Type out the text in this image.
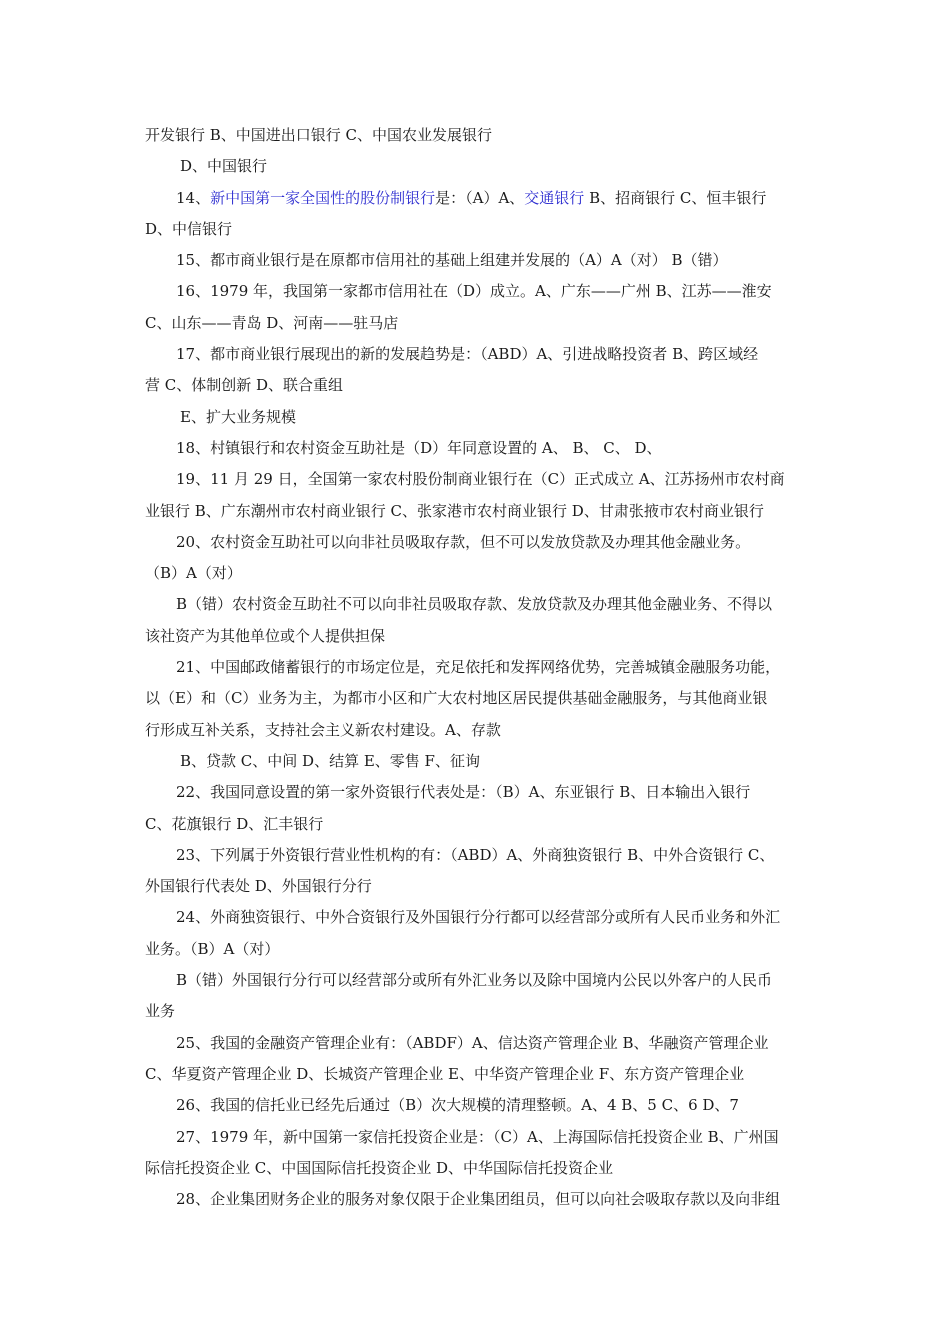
开发银行 B、中国进出口银行 C、中国农业发展银行
D、中国银行
14、新中国第一家全国性的股份制银行是：（A）A、交通银行 B、招商银行 C、恒丰银行
D、中信银行
15、都市商业银行是在原都市信用社的基础上组建并发展的（A）A（对） B（错）
16、1979 年，我国第一家都市信用社在（D）成立。A、广东——广州 B、江苏——淮安
C、山东——青岛 D、河南——驻马店
17、都市商业银行展现出的新的发展趋势是：（ABD）A、引进战略投资者 B、跨区域经
营 C、体制创新 D、联合重组
E、扩大业务规模
18、村镇银行和农村资金互助社是（D）年同意设置的 A、 B、 C、 D、
19、11 月 29 日，全国第一家农村股份制商业银行在（C）正式成立 A、江苏扬州市农村商
业银行 B、广东潮州市农村商业银行 C、张家港市农村商业银行 D、甘肃张掖市农村商业银行
20、农村资金互助社可以向非社员吸取存款，但不可以发放贷款及办理其他金融业务。
（B）A（对）
B（错）农村资金互助社不可以向非社员吸取存款、发放贷款及办理其他金融业务、不得以
该社资产为其他单位或个人提供担保
21、中国邮政储蓄银行的市场定位是，充足依托和发挥网络优势，完善城镇金融服务功能，
以（E）和（C）业务为主，为都市小区和广大农村地区居民提供基础金融服务，与其他商业银
行形成互补关系，支持社会主义新农村建设。A、存款
B、贷款 C、中间 D、结算 E、零售 F、征询
22、我国同意设置的第一家外资银行代表处是：（B）A、东亚银行 B、日本输出入银行
C、花旗银行 D、汇丰银行
23、下列属于外资银行营业性机构的有：（ABD）A、外商独资银行 B、中外合资银行 C、
外国银行代表处 D、外国银行分行
24、外商独资银行、中外合资银行及外国银行分行都可以经营部分或所有人民币业务和外汇
业务。（B）A（对）
B（错）外国银行分行可以经营部分或所有外汇业务以及除中国境内公民以外客户的人民币
业务
25、我国的金融资产管理企业有：（ABDF）A、信达资产管理企业 B、华融资产管理企业
C、华夏资产管理企业 D、长城资产管理企业 E、中华资产管理企业 F、东方资产管理企业
26、我国的信托业已经先后通过（B）次大规模的清理整顿。A、4 B、5 C、6 D、7
27、1979 年，新中国第一家信托投资企业是：（C）A、上海国际信托投资企业 B、广州国
际信托投资企业 C、中国国际信托投资企业 D、中华国际信托投资企业
28、企业集团财务企业的服务对象仅限于企业集团组员，但可以向社会吸取存款以及向非组
